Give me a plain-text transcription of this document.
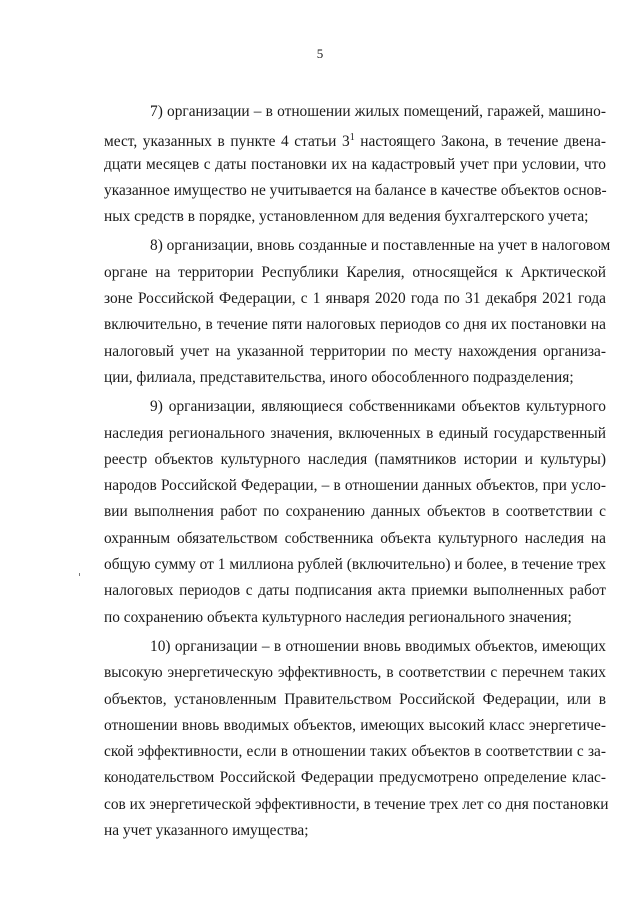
5
7) организации – в отношении жилых помещений, гаражей, машино-
мест, указанных в пункте 4 статьи $3^1$ настоящего Закона, в течение двена-
дцати месяцев с даты постановки их на кадастровый учет при условии, что
указанное имущество не учитывается на балансе в качестве объектов основ-
ных средств в порядке, установленном для ведения бухгалтерского учета;
8) организации, вновь созданные и поставленные на учет в налоговом
органе на территории Республики Карелия, относящейся к Арктической
зоне Российской Федерации, с 1 января 2020 года по 31 декабря 2021 года
включительно, в течение пяти налоговых периодов со дня их постановки на
налоговый учет на указанной территории по месту нахождения организа-
ции, филиала, представительства, иного обособленного подразделения;
9) организации, являющиеся собственниками объектов культурного
наследия регионального значения, включенных в единый государственный
реестр объектов культурного наследия (памятников истории и культуры)
народов Российской Федерации, – в отношении данных объектов, при усло-
вии выполнения работ по сохранению данных объектов в соответствии с
охранным обязательством собственника объекта культурного наследия на
общую сумму от 1 миллиона рублей (включительно) и более, в течение трех
налоговых периодов с даты подписания акта приемки выполненных работ
по сохранению объекта культурного наследия регионального значения;
10) организации – в отношении вновь вводимых объектов, имеющих
высокую энергетическую эффективность, в соответствии с перечнем таких
объектов, установленным Правительством Российской Федерации, или в
отношении вновь вводимых объектов, имеющих высокий класс энергетиче-
ской эффективности, если в отношении таких объектов в соответствии с за-
конодательством Российской Федерации предусмотрено определение клас-
сов их энергетической эффективности, в течение трех лет со дня постановки
на учет указанного имущества;
